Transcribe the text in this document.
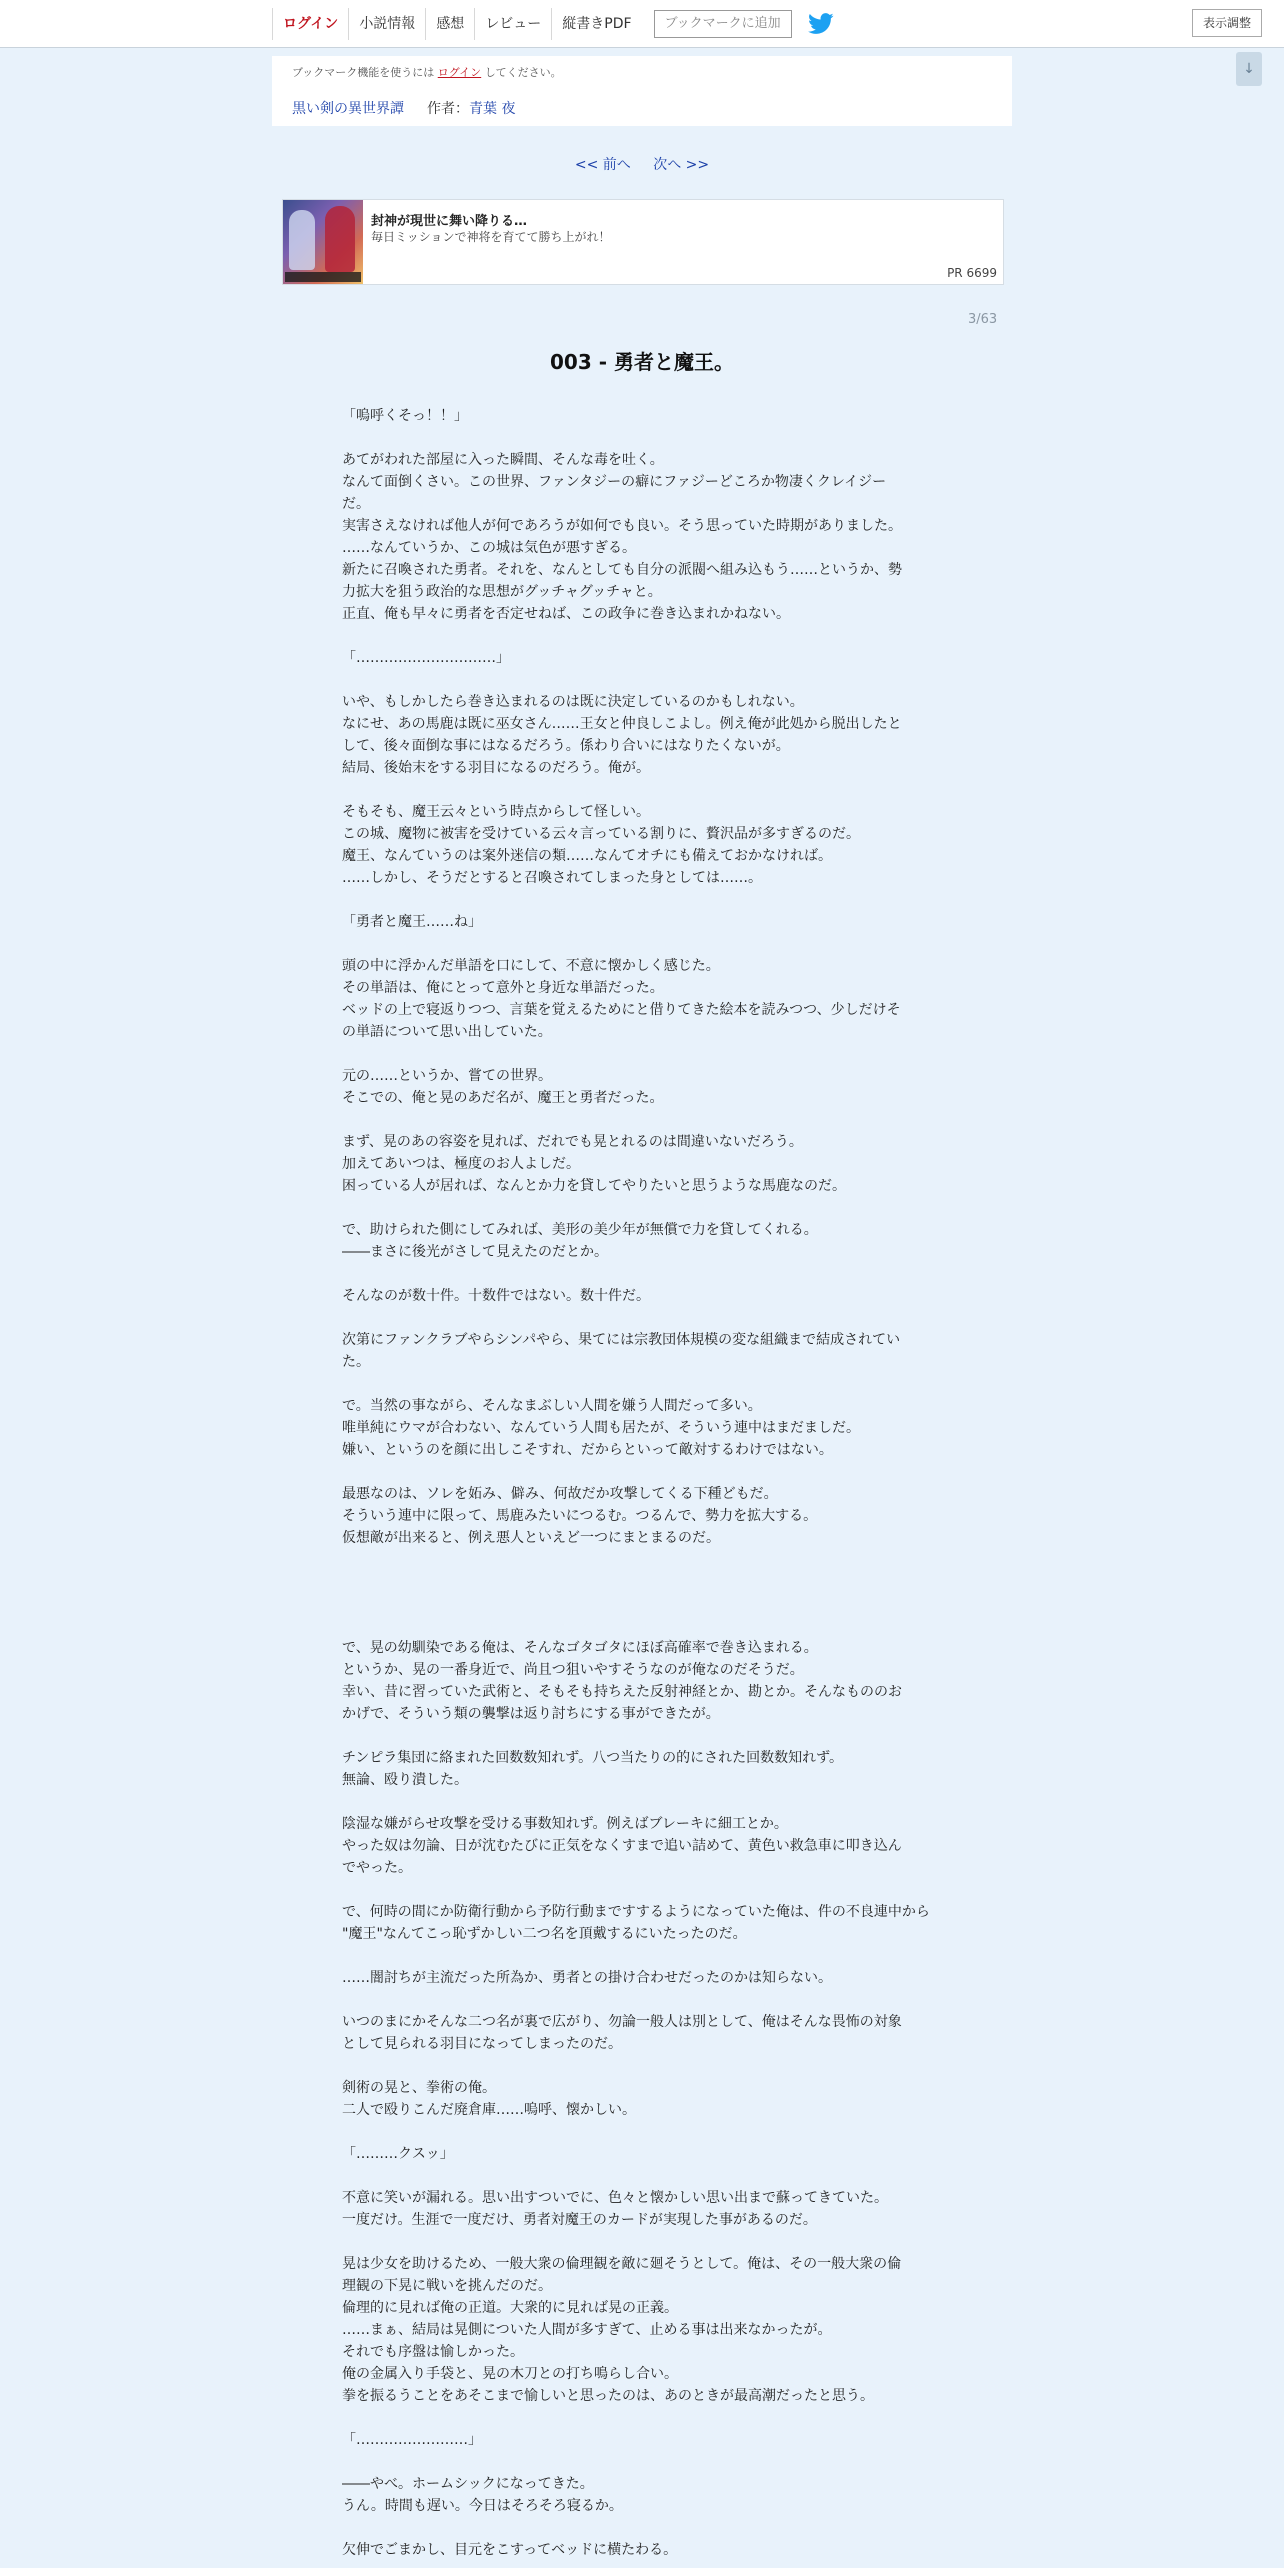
ログイン	小説情報	感想	レビュー	縦書きPDF	ブックマークに追加	表示調整
↓
ブックマーク機能を使うには ログイン してください。
黒い剣の異世界譚 作者：青葉 夜
<< 前へ 次へ >>
封神が現世に舞い降りる…
毎日ミッションで神将を育てて勝ち上がれ！
PR 6699
3/63
003 - 勇者と魔王。

「嗚呼くそっ！！」

あてがわれた部屋に入った瞬間、そんな毒を吐く。

なんて面倒くさい。この世界、ファンタジーの癖にファジーどころか物凄くクレイジー

だ。

実害さえなければ他人が何であろうが如何でも良い。そう思っていた時期がありました。

……なんていうか、この城は気色が悪すぎる。

新たに召喚された勇者。それを、なんとしても自分の派閥へ組み込もう……というか、勢

力拡大を狙う政治的な思想がグッチャグッチャと。

正直、俺も早々に勇者を否定せねば、この政争に巻き込まれかねない。

「…………………………」

いや、もしかしたら巻き込まれるのは既に決定しているのかもしれない。

なにせ、あの馬鹿は既に巫女さん……王女と仲良しこよし。例え俺が此処から脱出したと

して、後々面倒な事にはなるだろう。係わり合いにはなりたくないが。

結局、後始末をする羽目になるのだろう。俺が。

そもそも、魔王云々という時点からして怪しい。

この城、魔物に被害を受けている云々言っている割りに、贅沢品が多すぎるのだ。

魔王、なんていうのは案外迷信の類……なんてオチにも備えておかなければ。

……しかし、そうだとすると召喚されてしまった身としては……。

「勇者と魔王……ね」

頭の中に浮かんだ単語を口にして、不意に懐かしく感じた。

その単語は、俺にとって意外と身近な単語だった。

ベッドの上で寝返りつつ、言葉を覚えるためにと借りてきた絵本を読みつつ、少しだけそ

の単語について思い出していた。

元の……というか、嘗ての世界。

そこでの、俺と晃のあだ名が、魔王と勇者だった。

まず、晃のあの容姿を見れば、だれでも晃とれるのは間違いないだろう。

加えてあいつは、極度のお人よしだ。

困っている人が居れば、なんとか力を貸してやりたいと思うような馬鹿なのだ。

で、助けられた側にしてみれば、美形の美少年が無償で力を貸してくれる。

――まさに後光がさして見えたのだとか。

そんなのが数十件。十数件ではない。数十件だ。

次第にファンクラブやらシンパやら、果てには宗教団体規模の変な組織まで結成されてい

た。

で。当然の事ながら、そんなまぶしい人間を嫌う人間だって多い。

唯単純にウマが合わない、なんていう人間も居たが、そういう連中はまだましだ。

嫌い、というのを顔に出しこそすれ、だからといって敵対するわけではない。

最悪なのは、ソレを妬み、僻み、何故だか攻撃してくる下種どもだ。

そういう連中に限って、馬鹿みたいにつるむ。つるんで、勢力を拡大する。

仮想敵が出来ると、例え悪人といえど一つにまとまるのだ。

で、晃の幼馴染である俺は、そんなゴタゴタにほぼ高確率で巻き込まれる。

というか、晃の一番身近で、尚且つ狙いやすそうなのが俺なのだそうだ。

幸い、昔に習っていた武術と、そもそも持ちえた反射神経とか、勘とか。そんなもののお

かげで、そういう類の襲撃は返り討ちにする事ができたが。

チンピラ集団に絡まれた回数数知れず。八つ当たりの的にされた回数数知れず。

無論、殴り潰した。

陰湿な嫌がらせ攻撃を受ける事数知れず。例えばブレーキに細工とか。

やった奴は勿論、日が沈むたびに正気をなくすまで追い詰めて、黄色い救急車に叩き込ん

でやった。

で、何時の間にか防衛行動から予防行動まですするようになっていた俺は、件の不良連中から

"魔王"なんてこっ恥ずかしい二つ名を頂戴するにいたったのだ。

……闇討ちが主流だった所為か、勇者との掛け合わせだったのかは知らない。

いつのまにかそんな二つ名が裏で広がり、勿論一般人は別として、俺はそんな畏怖の対象

として見られる羽目になってしまったのだ。

剣術の晃と、拳術の俺。

二人で殴りこんだ廃倉庫……嗚呼、懐かしい。

「………クスッ」

不意に笑いが漏れる。思い出すついでに、色々と懐かしい思い出まで蘇ってきていた。

一度だけ。生涯で一度だけ、勇者対魔王のカードが実現した事があるのだ。

晃は少女を助けるため、一般大衆の倫理観を敵に廻そうとして。俺は、その一般大衆の倫

理観の下晃に戦いを挑んだのだ。

倫理的に見れば俺の正道。大衆的に見れば晃の正義。

……まぁ、結局は晃側についた人間が多すぎて、止める事は出来なかったが。

それでも序盤は愉しかった。

俺の金属入り手袋と、晃の木刀との打ち鳴らし合い。

拳を振るうことをあそこまで愉しいと思ったのは、あのときが最高潮だったと思う。

「……………………」

――やべ。ホームシックになってきた。

うん。時間も遅い。今日はそろそろ寝るか。

欠伸でごまかし、目元をこすってベッドに横たわる。
